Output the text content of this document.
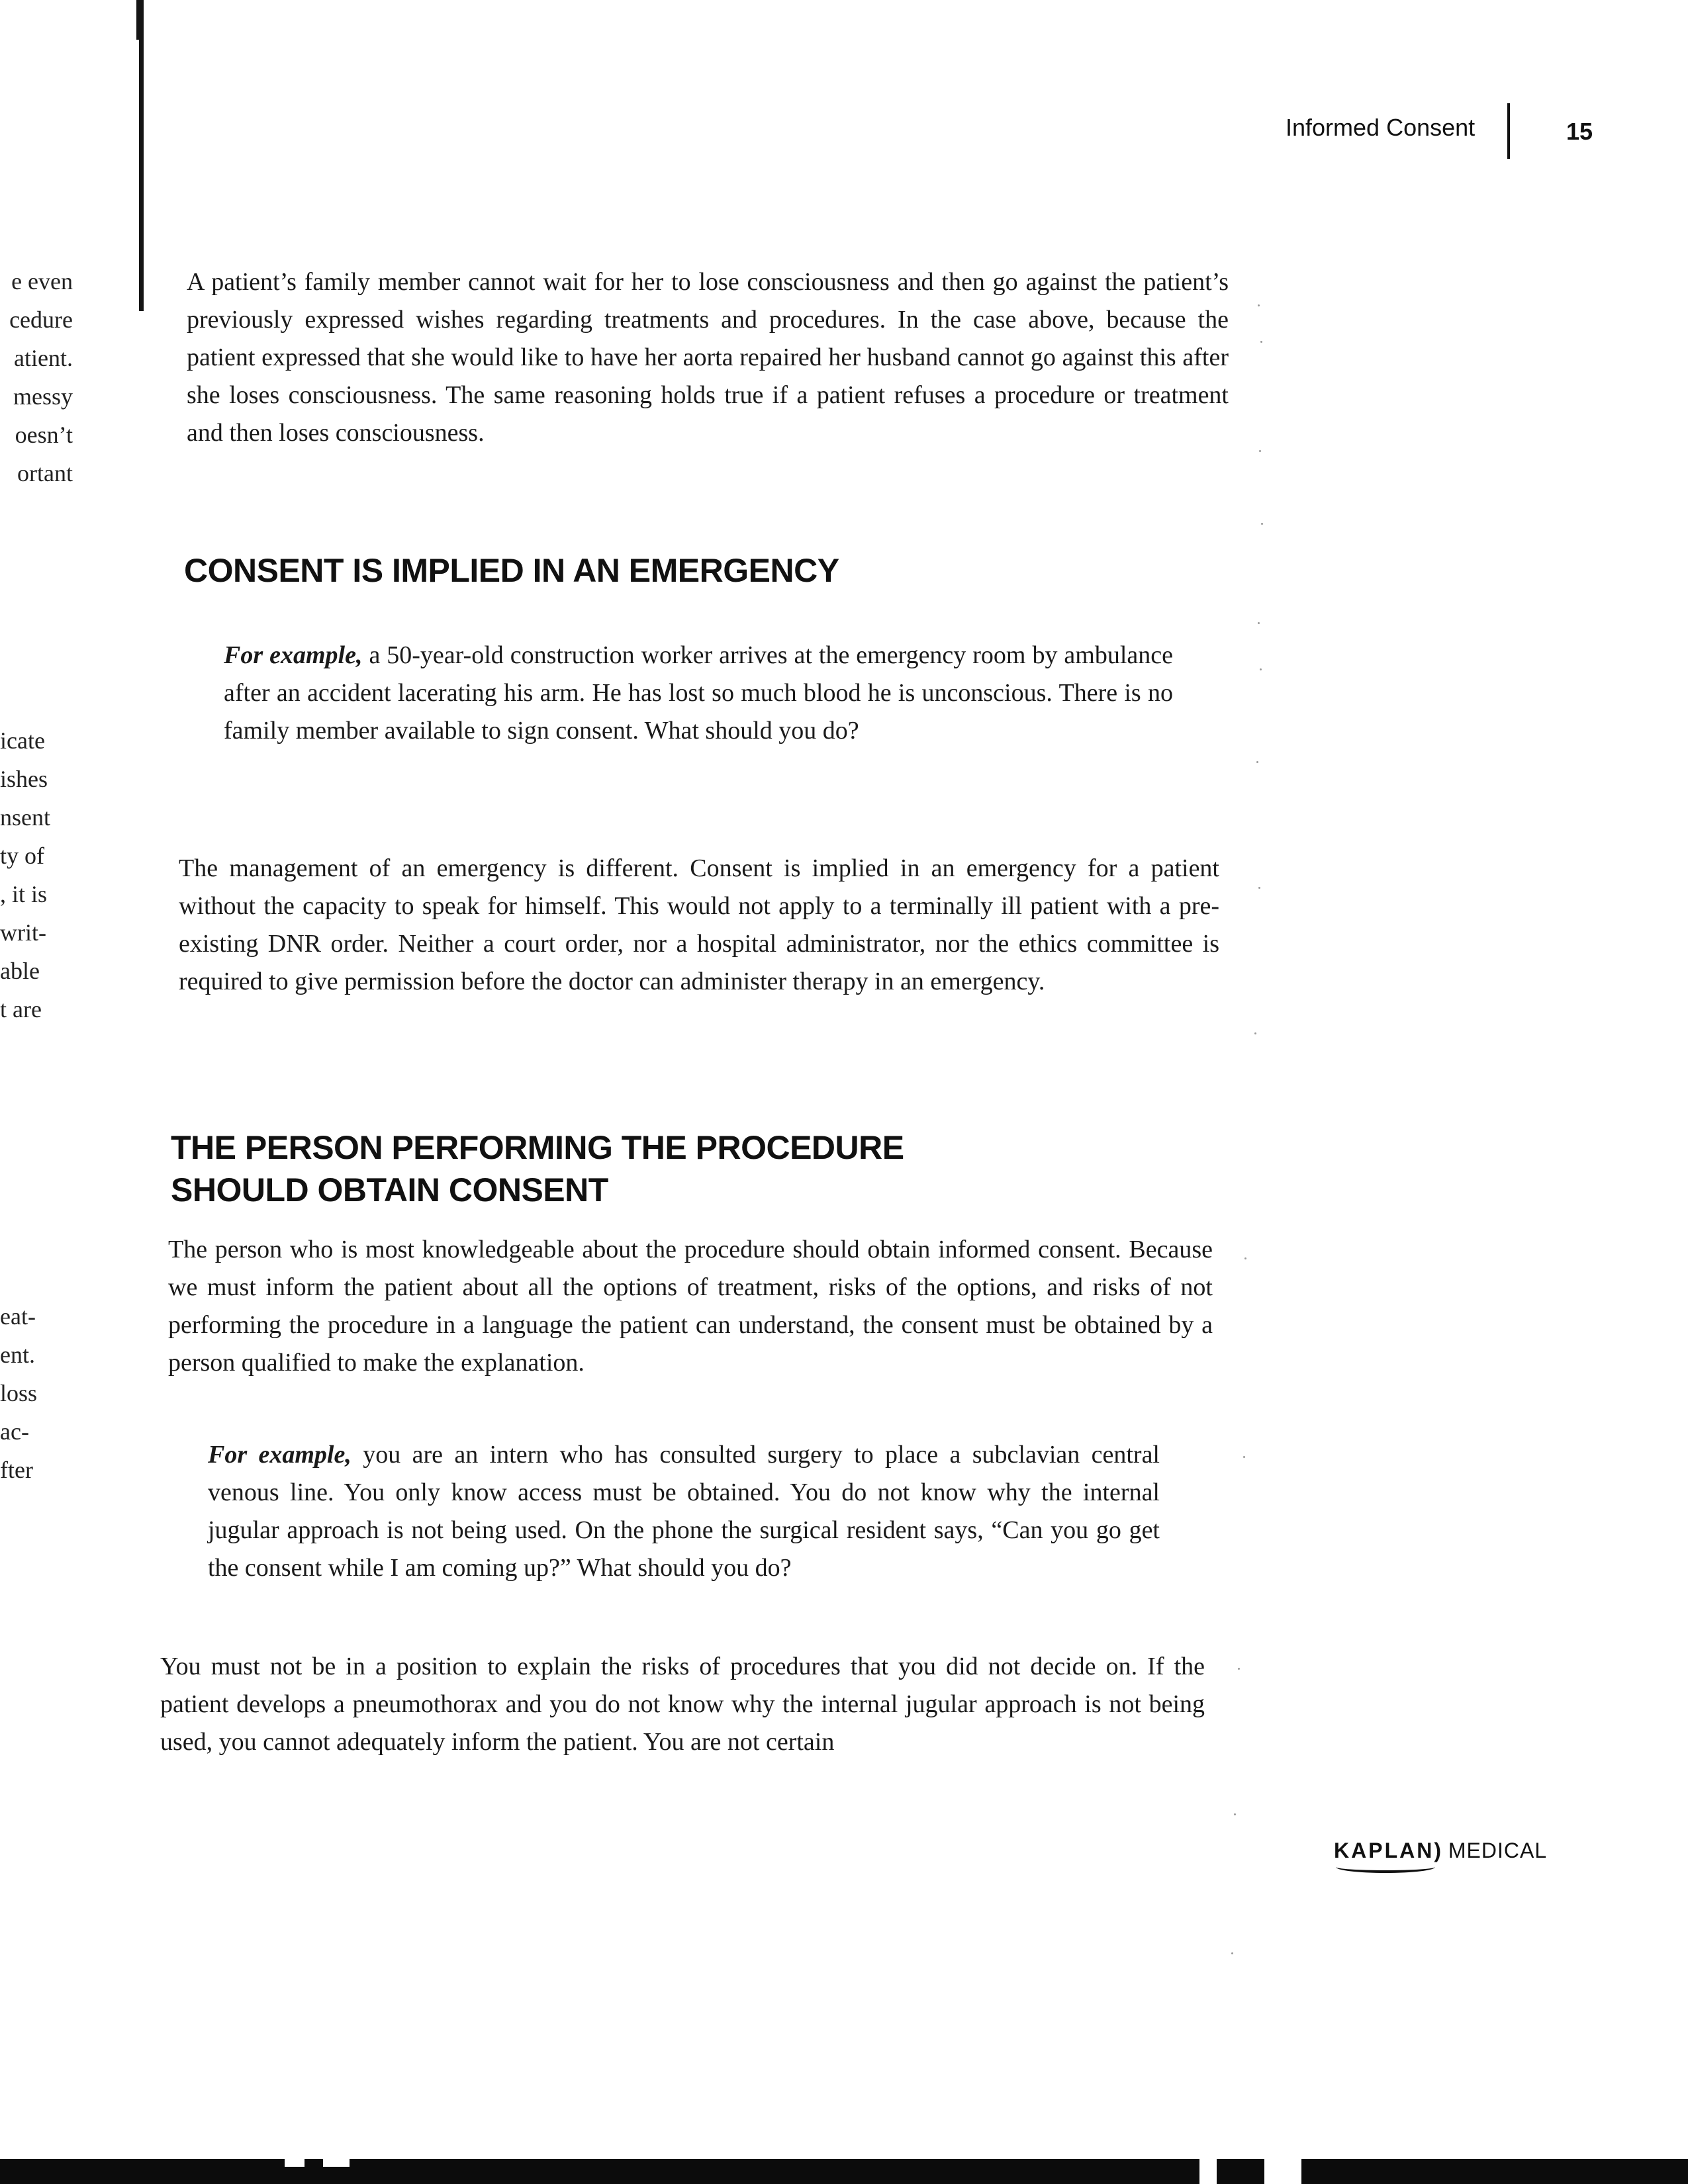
e even
cedure
atient.
messy
oesn’t
ortant
icate
ishes
nsent
ty of
, it is
writ-
able
t are
eat-
ent.
loss
ac-
fter
Informed Consent	15

A patient’s family member cannot wait for her to lose consciousness and then go against the patient’s previously expressed wishes regarding treatments and procedures. In the case above, because the patient expressed that she would like to have her aorta repaired her husband cannot go against this after she loses consciousness. The same reasoning holds true if a patient refuses a procedure or treatment and then loses consciousness.

CONSENT IS IMPLIED IN AN EMERGENCY

For example, a 50-year-old construction worker arrives at the emergency room by ambulance after an accident lacerating his arm. He has lost so much blood he is unconscious. There is no family member available to sign consent. What should you do?

The management of an emergency is different. Consent is implied in an emergency for a patient without the capacity to speak for himself. This would not apply to a terminally ill patient with a pre-existing DNR order. Neither a court order, nor a hospital administrator, nor the ethics committee is required to give permission before the doctor can administer therapy in an emergency.

THE PERSON PERFORMING THE PROCEDURE
SHOULD OBTAIN CONSENT

The person who is most knowledgeable about the procedure should obtain informed consent. Because we must inform the patient about all the options of treatment, risks of the options, and risks of not performing the procedure in a language the patient can understand, the consent must be obtained by a person qualified to make the explanation.

For example, you are an intern who has consulted surgery to place a subclavian central venous line. You only know access must be obtained. You do not know why the internal jugular approach is not being used. On the phone the surgical resident says, “Can you go get the consent while I am coming up?” What should you do?

You must not be in a position to explain the risks of procedures that you did not decide on. If the patient develops a pneumothorax and you do not know why the internal jugular approach is not being used, you cannot adequately inform the patient. You are not certain

KAPLAN) MEDICAL
